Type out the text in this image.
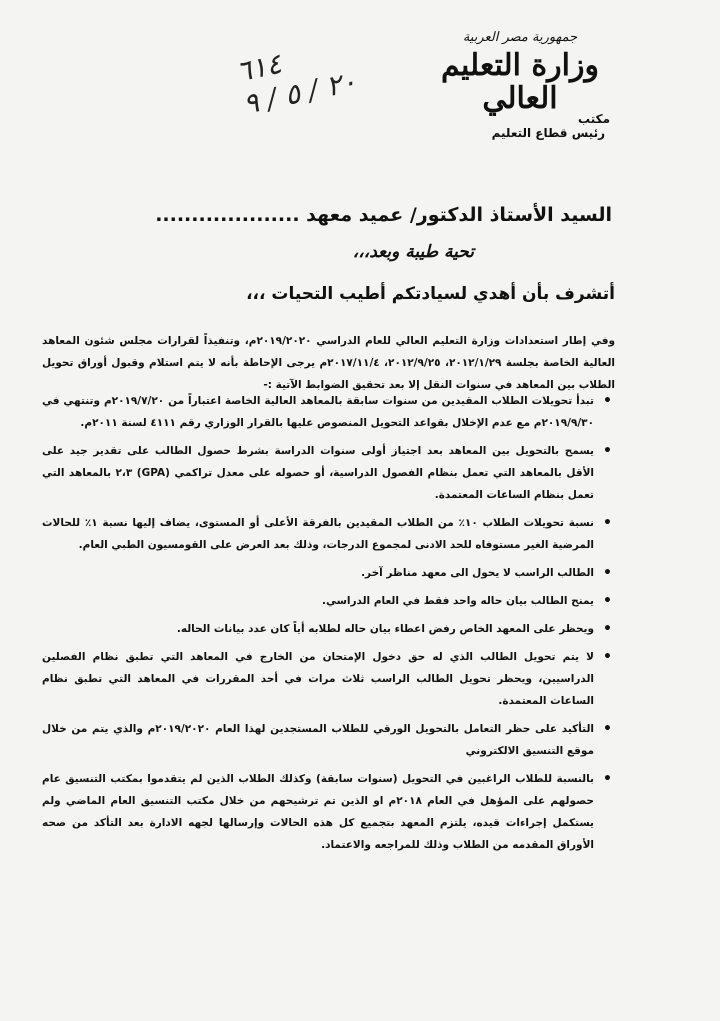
٦١٤
٢٠ / ٥ / ٩
جمهورية مصر العربية
وزارة التعليم العالي
مكتب
رئيس قطاع التعليم
السيد الأستاذ الدكتور/ عميد معهد ....................
تحية طيبة وبعد،،،
أتشرف بأن أهدي لسيادتكم أطيب التحيات ،،،
وفي إطار استعدادات وزارة التعليم العالي للعام الدراسي ٢٠١٩/٢٠٢٠م، وتنفيذاً لقرارات مجلس شئون المعاهد العالية الخاصة بجلسة ٢٠١٢/١/٢٩، ٢٠١٢/٩/٢٥، ٢٠١٧/١١/٤م يرجى الإحاطة بأنه لا يتم استلام وقبول أوراق تحويل الطلاب بين المعاهد في سنوات النقل إلا بعد تحقيق الضوابط الآتية :-
• تبدأ تحويلات الطلاب المقيدين من سنوات سابقة بالمعاهد العالية الخاصة اعتباراً من ٢٠١٩/٧/٢٠م وتنتهي في ٢٠١٩/٩/٣٠م مع عدم الإخلال بقواعد التحويل المنصوص عليها بالقرار الوزاري رقم ٤١١١ لسنة ٢٠١١م.
• يسمح بالتحويل بين المعاهد بعد اجتياز أولى سنوات الدراسة بشرط حصول الطالب على تقدير جيد على الأقل بالمعاهد التي تعمل بنظام الفصول الدراسية، أو حصوله على معدل تراكمي (GPA) ٢،٣ بالمعاهد التي تعمل بنظام الساعات المعتمدة.
• نسبة تحويلات الطلاب ١٠٪ من الطلاب المقيدين بالفرقة الأعلى أو المستوى، يضاف إليها نسبة ١٪ للحالات المرضية الغير مستوفاه للحد الادنى لمجموع الدرجات، وذلك بعد العرض على القومسيون الطبي العام.
• الطالب الراسب لا يحول الى معهد مناظر آخر.
• يمنح الطالب بيان حاله واحد فقط في العام الدراسي.
• ويحظر على المعهد الخاص رفض اعطاء بيان حاله لطلابه أياً كان عدد بيانات الحاله.
• لا يتم تحويل الطالب الذي له حق دخول الإمتحان من الخارج في المعاهد التي تطبق نظام الفصلين الدراسيين، ويحظر تحويل الطالب الراسب ثلاث مرات في أحد المقررات في المعاهد التي تطبق نظام الساعات المعتمدة.
• التأكيد على حظر التعامل بالتحويل الورقي للطلاب المستجدين لهذا العام ٢٠١٩/٢٠٢٠م والذي يتم من خلال موقع التنسيق الالكتروني
• بالنسبة للطلاب الراغبين في التحويل (سنوات سابقة) وكذلك الطلاب الذين لم يتقدموا بمكتب التنسيق عام حصولهم على المؤهل في العام ٢٠١٨م او الذين تم ترشيحهم من خلال مكتب التنسيق العام الماضي ولم يستكمل إجراءات قيده، يلتزم المعهد بتجميع كل هذه الحالات وإرسالها لجهه الادارة بعد التأكد من صحه الأوراق المقدمه من الطلاب وذلك للمراجعه والاعتماد.
